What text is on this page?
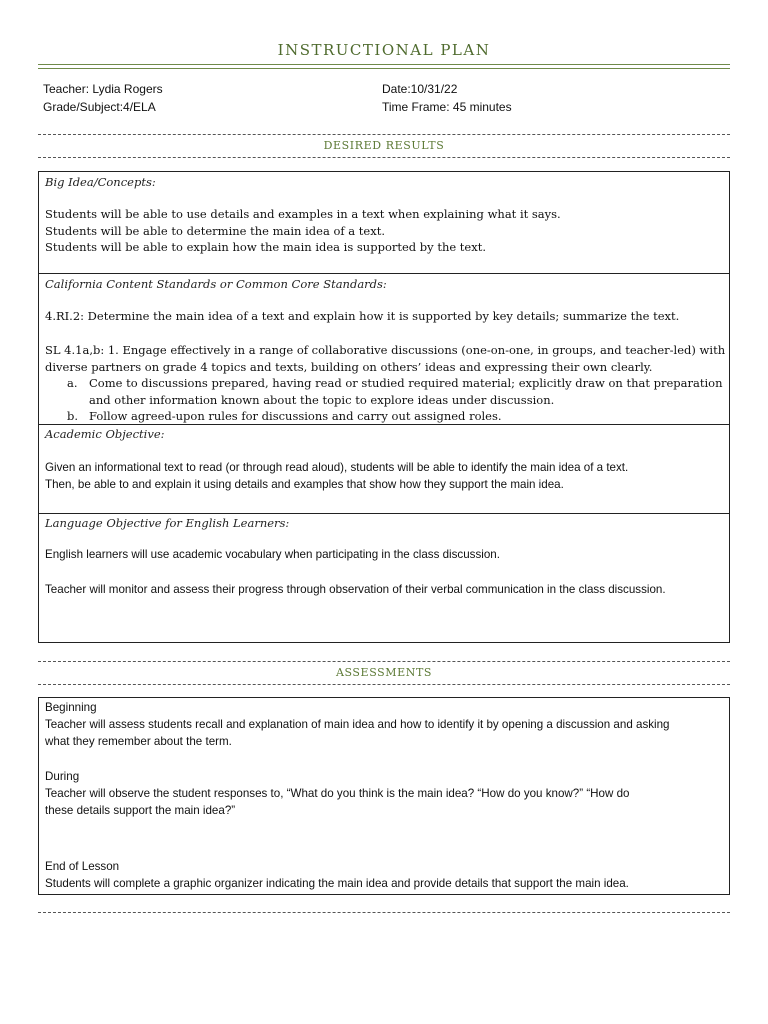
INSTRUCTIONAL PLAN
Teacher: Lydia Rogers
Grade/Subject:4/ELA
Date:10/31/22
Time Frame: 45 minutes
DESIRED RESULTS
Big Idea/Concepts:
Students will be able to use details and examples in a text when explaining what it says.
Students will be able to determine the main idea of a text.
Students will be able to explain how the main idea is supported by the text.
California Content Standards or Common Core Standards:
4.RI.2: Determine the main idea of a text and explain how it is supported by key details; summarize the text.
SL 4.1a,b: 1. Engage effectively in a range of collaborative discussions (one-on-one, in groups, and teacher-led) with
diverse partners on grade 4 topics and texts, building on others’ ideas and expressing their own clearly.
a. Come to discussions prepared, having read or studied required material; explicitly draw on that preparation
and other information known about the topic to explore ideas under discussion.
b. Follow agreed-upon rules for discussions and carry out assigned roles.
Academic Objective:
Given an informational text to read (or through read aloud), students will be able to identify the main idea of a text.
Then, be able to and explain it using details and examples that show how they support the main idea.
Language Objective for English Learners:
English learners will use academic vocabulary when participating in the class discussion.
Teacher will monitor and assess their progress through observation of their verbal communication in the class discussion.
ASSESSMENTS
Beginning
Teacher will assess students recall and explanation of main idea and how to identify it by opening a discussion and asking
what they remember about the term.
During
Teacher will observe the student responses to, “What do you think is the main idea? “How do you know?” “How do
these details support the main idea?”
End of Lesson
Students will complete a graphic organizer indicating the main idea and provide details that support the main idea.
